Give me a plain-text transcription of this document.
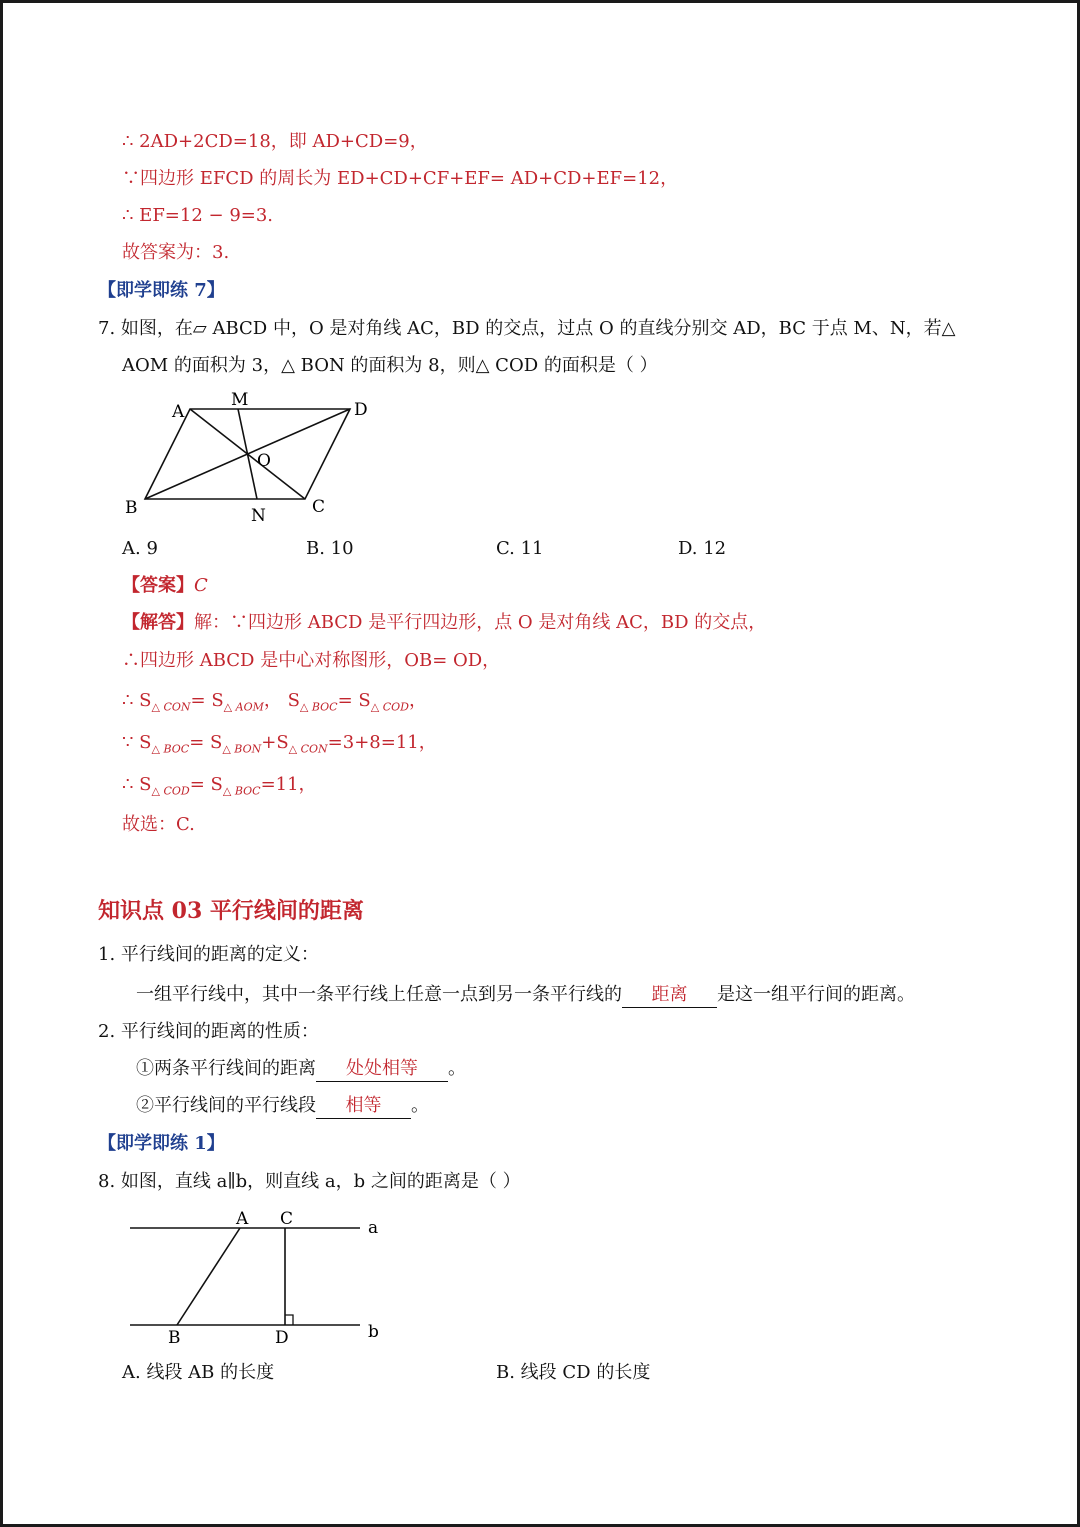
∴ 2AD+2CD=18，即 AD+CD=9，
∵四边形 EFCD 的周长为 ED+CD+CF+EF= AD+CD+EF=12，
∴ EF=12 − 9=3.
故答案为：3.
【即学即练 7】
7. 如图，在▱ ABCD 中，O 是对角线 AC，BD 的交点，过点 O 的直线分别交 AD，BC 于点 M、N，若△
AOM 的面积为 3，△ BON 的面积为 8，则△ COD 的面积是（ ）
A
M	D
O
B	N	C
A. 9	B. 10	C. 11	D. 12
【答案】C
【解答】解：∵四边形 ABCD 是平行四边形，点 O 是对角线 AC，BD 的交点，
∴四边形 ABCD 是中心对称图形，OB= OD，
∴ $S_{\triangle CON}= S_{\triangle AOM}$， $S_{\triangle BOC}= S_{\triangle COD}$，
∵ $S_{\triangle BOC}= S_{\triangle BON}+S_{\triangle CON}=3+8=11$，
∴ $S_{\triangle COD}= S_{\triangle BOC}=11$，
故选：C.
知识点 03 平行线间的距离
1. 平行线间的距离的定义：
一组平行线中，其中一条平行线上任意一点到另一条平行线的 距离 是这一组平行间的距离。
2. 平行线间的距离的性质：
①两条平行线间的距离 处处相等 。
②平行线间的平行线段 相等 。
【即学即练 1】
8. 如图，直线 a∥b，则直线 a，b 之间的距离是（ ）
A C	a
B	D	b
A. 线段 AB 的长度	B. 线段 CD 的长度
